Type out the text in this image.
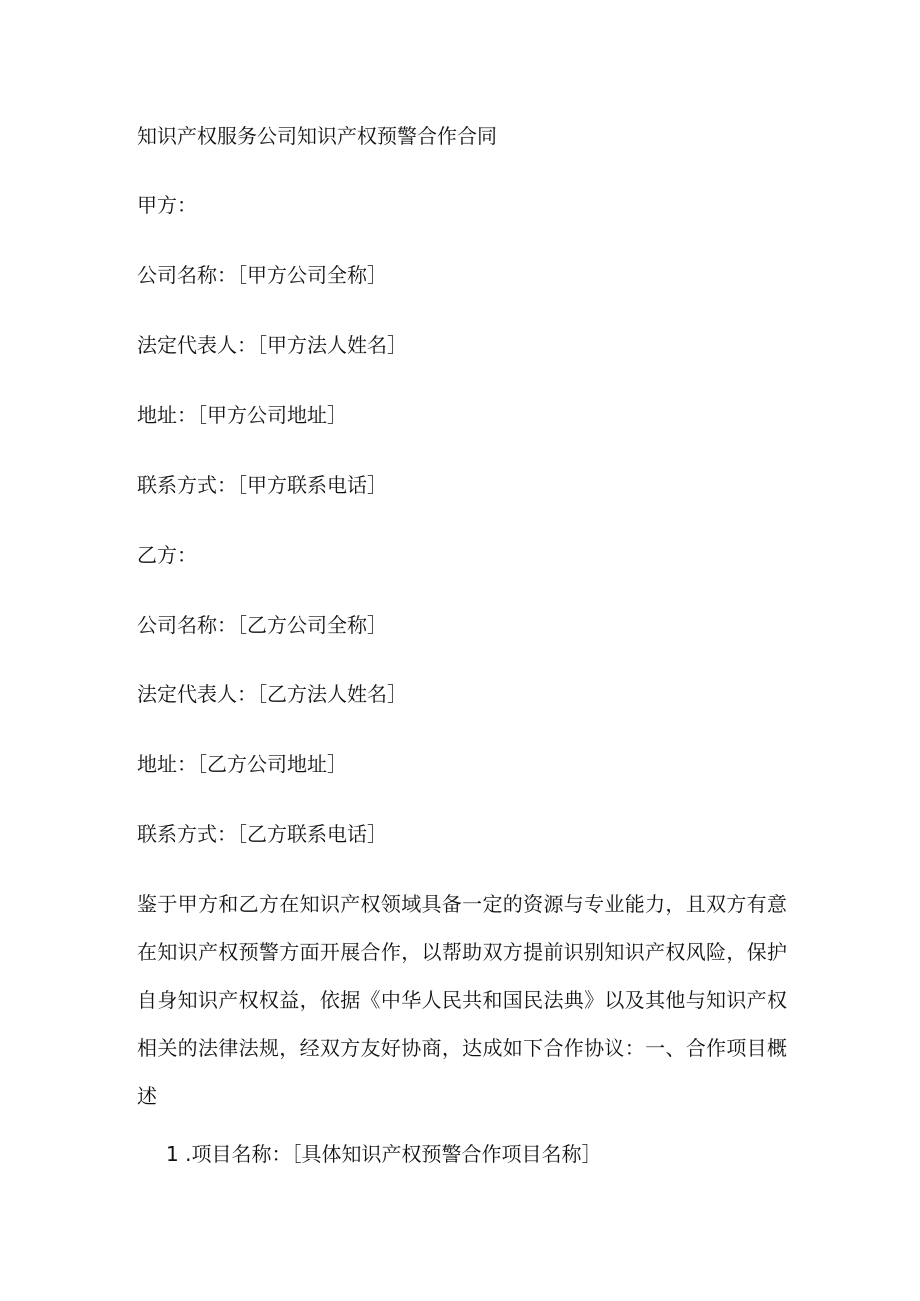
知识产权服务公司知识产权预警合作合同
甲方：
公司名称：［甲方公司全称］
法定代表人：［甲方法人姓名］
地址：［甲方公司地址］
联系方式：［甲方联系电话］
乙方：
公司名称：［乙方公司全称］
法定代表人：［乙方法人姓名］
地址：［乙方公司地址］
联系方式：［乙方联系电话］
鉴于甲方和乙方在知识产权领域具备一定的资源与专业能力，且双方有意在知识产权预警方面开展合作，以帮助双方提前识别知识产权风险，保护自身知识产权权益，依据《中华人民共和国民法典》以及其他与知识产权相关的法律法规，经双方友好协商，达成如下合作协议：一、合作项目概述
1 .项目名称：［具体知识产权预警合作项目名称］
